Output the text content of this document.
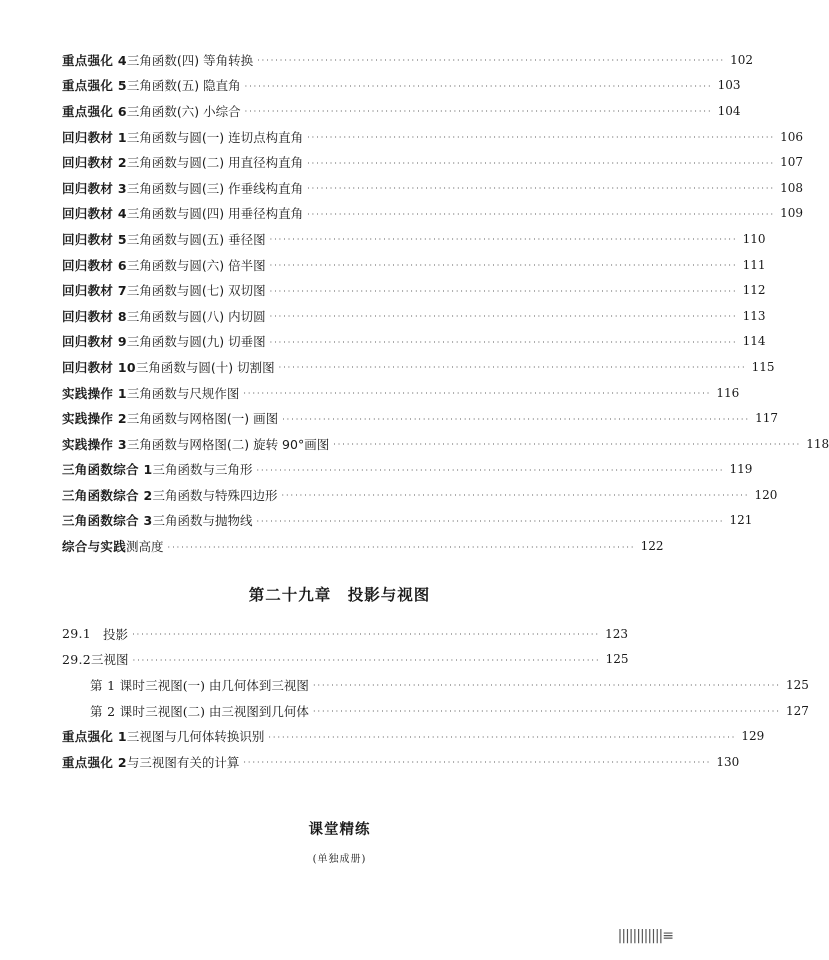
重点强化 4 三角函数(四) 等角转换 ······································································································· 102
重点强化 5 三角函数(五) 隐直角 ······································································································· 103
重点强化 6 三角函数(六) 小综合 ······································································································· 104
回归教材 1 三角函数与圆(一) 连切点构直角 ······································································································· 106
回归教材 2 三角函数与圆(二) 用直径构直角 ······································································································· 107
回归教材 3 三角函数与圆(三) 作垂线构直角 ······································································································· 108
回归教材 4 三角函数与圆(四) 用垂径构直角 ······································································································· 109
回归教材 5 三角函数与圆(五) 垂径图 ······································································································· 110
回归教材 6 三角函数与圆(六) 倍半图 ······································································································· 111
回归教材 7 三角函数与圆(七) 双切图 ······································································································· 112
回归教材 8 三角函数与圆(八) 内切圆 ······································································································· 113
回归教材 9 三角函数与圆(九) 切垂图 ······································································································· 114
回归教材 10 三角函数与圆(十) 切割图 ······································································································· 115
实践操作 1 三角函数与尺规作图 ······································································································· 116
实践操作 2 三角函数与网格图(一) 画图 ······································································································· 117
实践操作 3 三角函数与网格图(二) 旋转 90°画图 ······································································································· 118
三角函数综合 1 三角函数与三角形 ······································································································· 119
三角函数综合 2 三角函数与特殊四边形 ······································································································· 120
三角函数综合 3 三角函数与抛物线 ······································································································· 121
综合与实践 测高度 ······································································································· 122
第二十九章　投影与视图
29.1 投影 ······································································································· 123
29.2 三视图 ······································································································· 125
第 1 课时 三视图(一) 由几何体到三视图 ······································································································· 125
第 2 课时 三视图(二) 由三视图到几何体 ······································································································· 127
重点强化 1 三视图与几何体转换识别 ······································································································· 129
重点强化 2 与三视图有关的计算 ······································································································· 130
课堂精练
(单独成册)
||||||||||||≡
